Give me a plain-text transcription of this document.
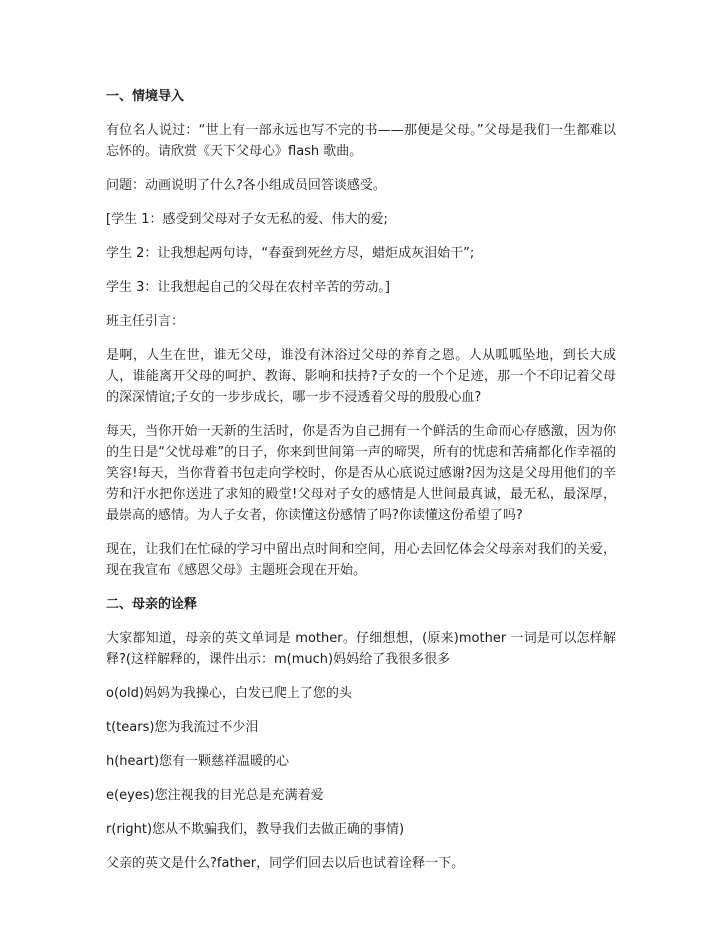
一、情境导入
有位名人说过：“世上有一部永远也写不完的书——那便是父母。”父母是我们一生都难以忘怀的。请欣赏《天下父母心》flash 歌曲。
问题：动画说明了什么?各小组成员回答谈感受。
[学生 1：感受到父母对子女无私的爱、伟大的爱;
学生 2：让我想起两句诗，“春蚕到死丝方尽，蜡炬成灰泪始干”;
学生 3：让我想起自己的父母在农村辛苦的劳动。]
班主任引言：
是啊，人生在世，谁无父母，谁没有沐浴过父母的养育之恩。人从呱呱坠地，到长大成人，谁能离开父母的呵护、教诲、影响和扶持?子女的一个个足迹，那一个不印记着父母的深深情谊;子女的一步步成长，哪一步不浸透着父母的殷殷心血?
每天，当你开始一天新的生活时，你是否为自己拥有一个鲜活的生命而心存感激，因为你的生日是“父忧母难”的日子，你来到世间第一声的啼哭，所有的忧虑和苦痛都化作幸福的笑容!每天，当你背着书包走向学校时，你是否从心底说过感谢?因为这是父母用他们的辛劳和汗水把你送进了求知的殿堂!父母对子女的感情是人世间最真诚，最无私，最深厚，最崇高的感情。为人子女者，你读懂这份感情了吗?你读懂这份希望了吗?
现在，让我们在忙碌的学习中留出点时间和空间，用心去回忆体会父母亲对我们的关爱，现在我宣布《感恩父母》主题班会现在开始。
二、母亲的诠释
大家都知道，母亲的英文单词是 mother。仔细想想，(原来)mother 一词是可以怎样解释?(这样解释的，课件出示：m(much)妈妈给了我很多很多
o(old)妈妈为我操心，白发已爬上了您的头
t(tears)您为我流过不少泪
h(heart)您有一颗慈祥温暖的心
e(eyes)您注视我的目光总是充满着爱
r(right)您从不欺骗我们，教导我们去做正确的事情)
父亲的英文是什么?father，同学们回去以后也试着诠释一下。
